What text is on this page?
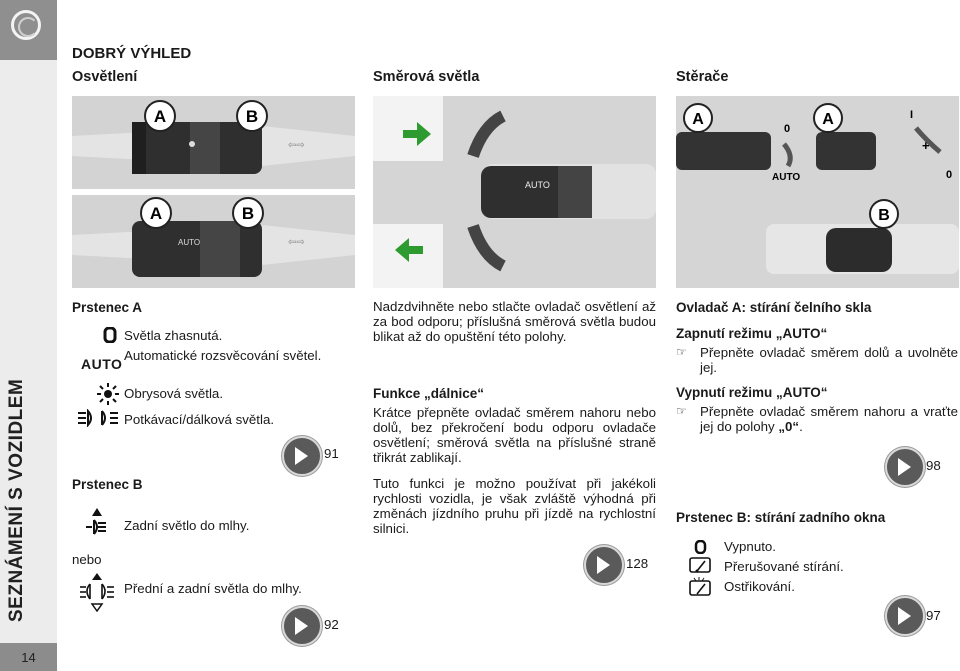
SEZNÁMENÍ S VOZIDLEM
14
DOBRÝ VÝHLED
Osvětlení	Směrová světla	Stěrače
A	B
⇦⇨
A	B
AUTO	⇦⇨
AUTO
A	A
0
AUTO
I
+
0
B
Prstenec A
Světla zhasnutá.
AUTO
Automatické rozsvěcování světel.
Obrysová světla.
Potkávací/dálková světla.
91
Prstenec B
Zadní světlo do mlhy.
nebo
Přední a zadní světla do mlhy.
92
Nadzdvihněte nebo stlačte ovladač osvětlení až za bod odporu; příslušná směrová světla budou blikat až do opuštění této polohy.
Funkce „dálnice“
Krátce přepněte ovladač směrem nahoru nebo dolů, bez překročení bodu odporu ovladače osvětlení; směrová světla na příslušné straně třikrát zablikají.
Tuto funkci je možno používat při jakékoli rychlosti vozidla, je však zvláště výhodná při změnách jízdního pruhu při jízdě na rychlostní silnici.
128
Ovladač A: stírání čelního skla
Zapnutí režimu „AUTO“
☞ Přepněte ovladač směrem dolů a uvolněte jej.
Vypnutí režimu „AUTO“
☞ Přepněte ovladač směrem nahoru a vraťte jej do polohy „0“.
98
Prstenec B: stírání zadního okna
Vypnuto.
Přerušované stírání.
Ostřikování.
97
